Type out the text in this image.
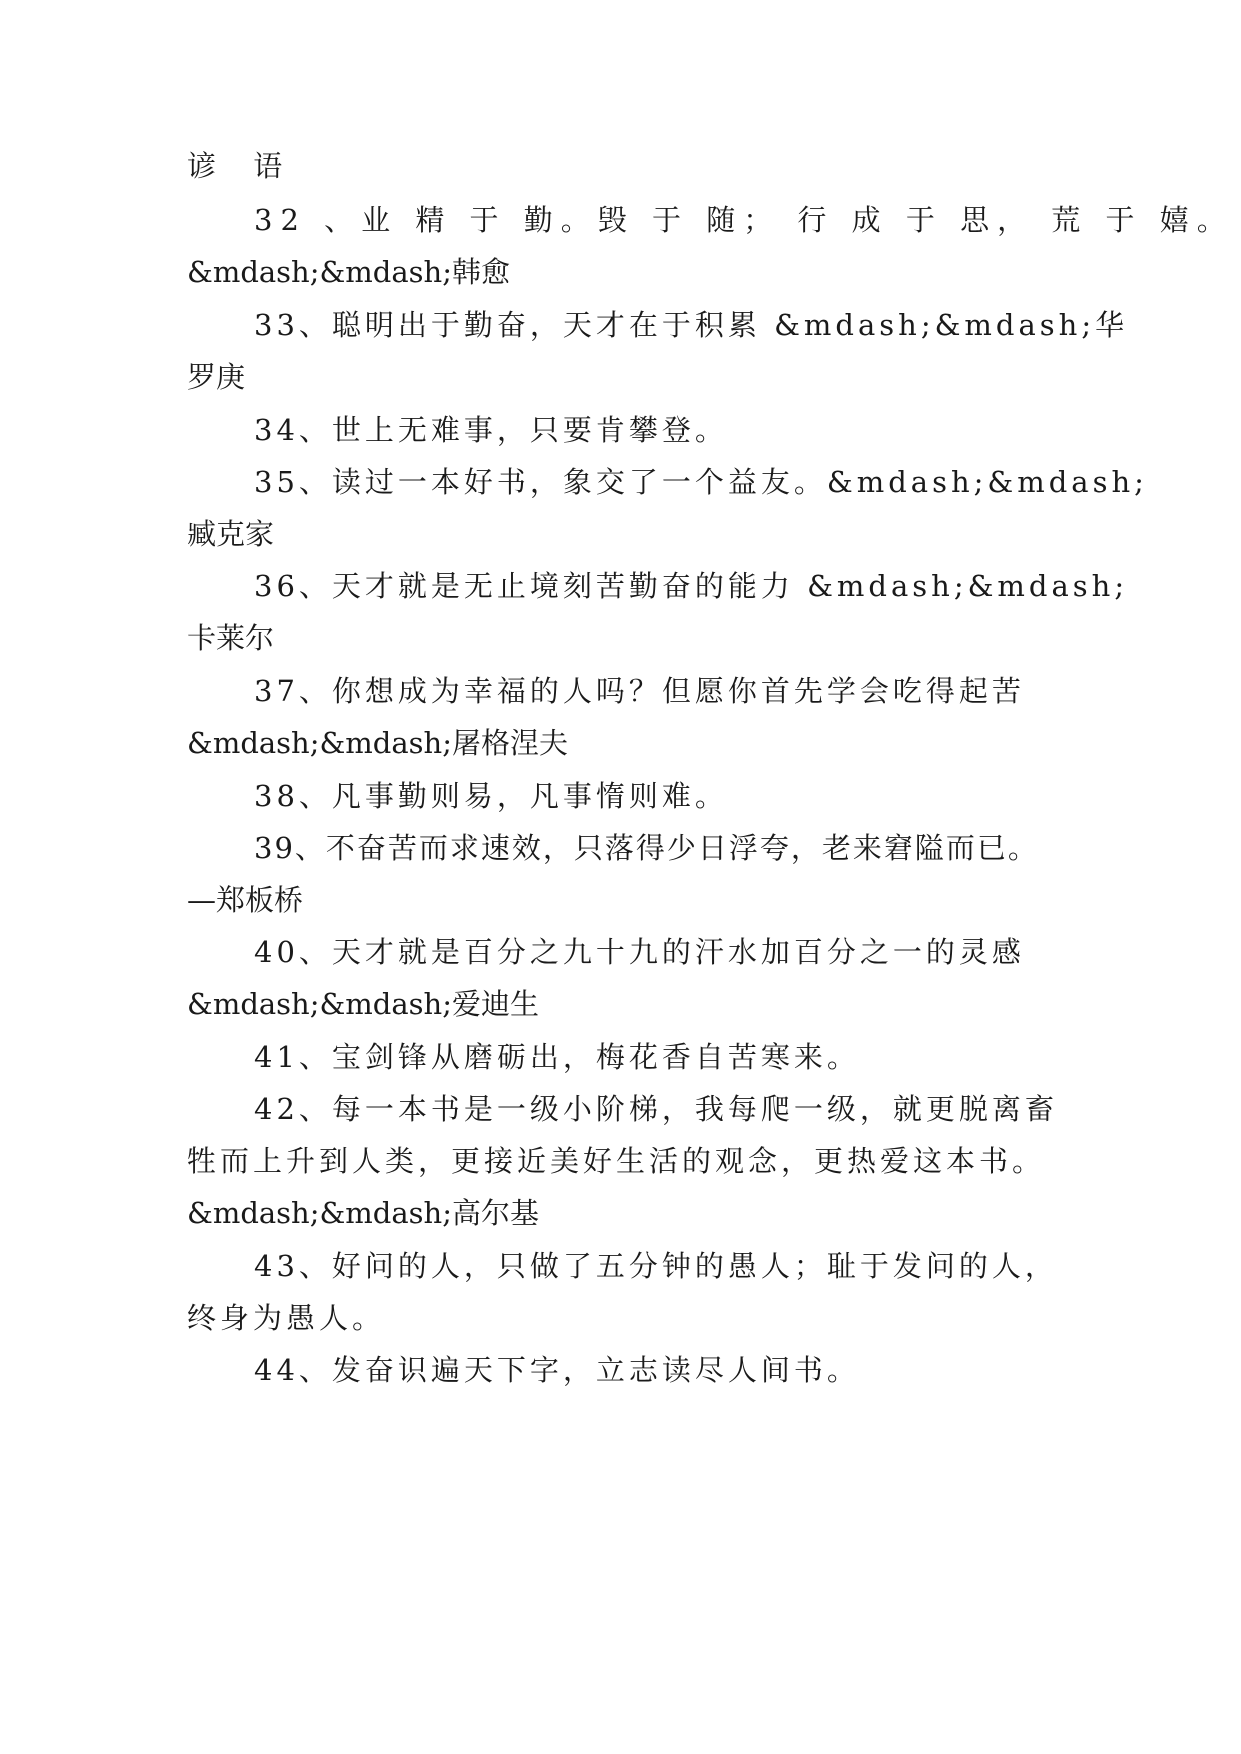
谚 语
32 、业 精 于 勤。毁 于 随； 行 成 于 思， 荒 于 嬉。
&mdash;&mdash;韩愈
33、聪明出于勤奋，天才在于积累 &mdash;&mdash;华
罗庚
34、世上无难事，只要肯攀登。
35、读过一本好书，象交了一个益友。&mdash;&mdash;
臧克家
36、天才就是无止境刻苦勤奋的能力 &mdash;&mdash;
卡莱尔
37、你想成为幸福的人吗？但愿你首先学会吃得起苦
&mdash;&mdash;屠格涅夫
38、凡事勤则易，凡事惰则难。
39、不奋苦而求速效，只落得少日浮夸，老来窘隘而已。
—郑板桥
40、天才就是百分之九十九的汗水加百分之一的灵感
&mdash;&mdash;爱迪生
41、宝剑锋从磨砺出，梅花香自苦寒来。
42、每一本书是一级小阶梯，我每爬一级，就更脱离畜
牲而上升到人类，更接近美好生活的观念，更热爱这本书。
&mdash;&mdash;高尔基
43、好问的人，只做了五分钟的愚人；耻于发问的人，
终身为愚人。
44、发奋识遍天下字，立志读尽人间书。
